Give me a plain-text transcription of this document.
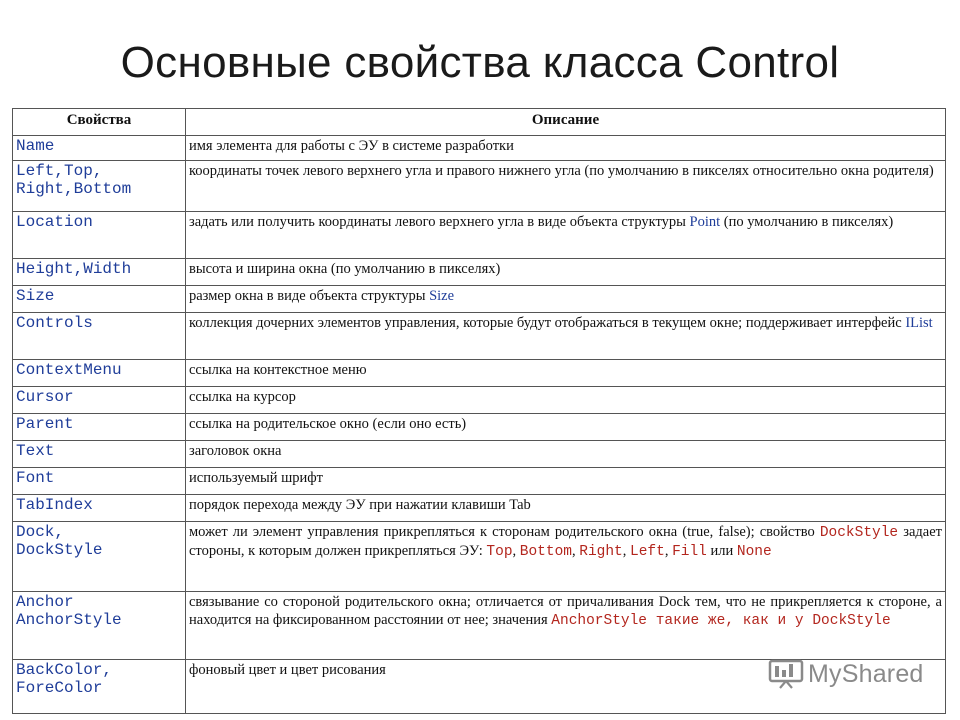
Основные свойства класса Control
Свойства	Описание
Name	имя элемента для работы с ЭУ в системе разработки
Left,Top,
Right,Bottom	координаты точек левого верхнего угла и правого нижнего угла (по умолчанию в пикселях относительно окна родителя)
Location	задать или получить координаты левого верхнего угла в виде объекта структуры Point (по умолчанию в пикселях)
Height,Width	высота и ширина окна (по умолчанию в пикселях)
Size	размер окна в виде объекта структуры Size
Controls	коллекция дочерних элементов управления, которые будут отображаться в текущем окне; поддерживает интерфейс IList
ContextMenu	ссылка на контекстное меню
Cursor	ссылка на курсор
Parent	ссылка на родительское окно (если оно есть)
Text	заголовок окна
Font	используемый шрифт
TabIndex	порядок перехода между ЭУ при нажатии клавиши Tab
Dock,
DockStyle	может ли элемент управления прикрепляться к сторонам родительского окна (true, false); свойство DockStyle задает стороны, к которым должен прикрепляться ЭУ: Top, Bottom, Right, Left, Fill или None
Anchor
AnchorStyle	связывание со стороной родительского окна; отличается от причаливания Dock тем, что не прикрепляется к стороне, а находится на фиксированном расстоянии от нее; значения AnchorStyle такие же, как и у DockStyle
BackColor,
ForeColor	фоновый цвет и цвет рисования	MyShared
